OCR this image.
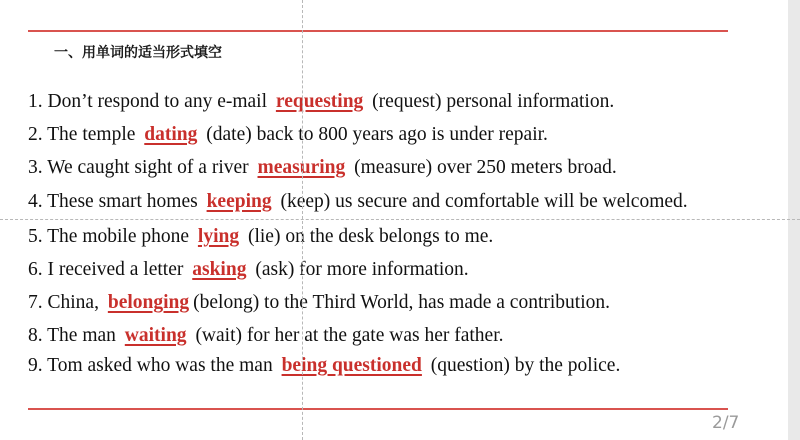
一、用单词的适当形式填空
1. Don’t respond to any e-mail requesting (request) personal information.
2. The temple dating (date) back to 800 years ago is under repair.
3. We caught sight of a river measuring (measure) over 250 meters broad.
4. These smart homes keeping (keep) us secure and comfortable will be welcomed.
5. The mobile phone lying (lie) on the desk belongs to me.
6. I received a letter asking (ask) for more information.
7. China, belonging (belong) to the Third World, has made a contribution.
8. The man waiting (wait) for her at the gate was her father.
9. Tom asked who was the man being questioned (question) by the police.
2/7
